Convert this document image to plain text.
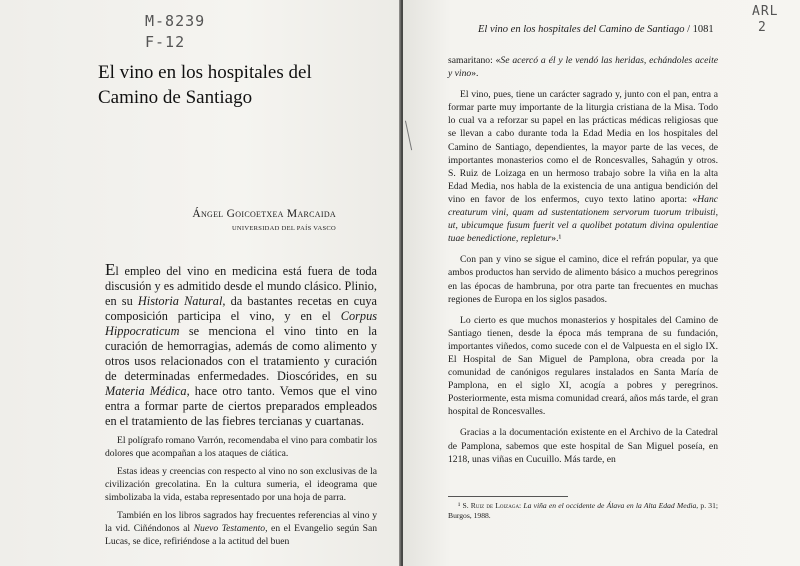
M-8239
F-12
El vino en los hospitales del Camino de Santiago
Ángel Goicoetxea Marcaida
UNIVERSIDAD DEL PAÍS VASCO

El empleo del vino en medicina está fuera de toda discusión y es admitido desde el mundo clásico. Plinio, en su Historia Natural, da bastantes recetas en cuya composición participa el vino, y en el Corpus Hippocraticum se menciona el vino tinto en la curación de hemorragias, además de como alimento y otros usos relacionados con el tratamiento y curación de determinadas enfermedades. Dioscórides, en su Materia Médica, hace otro tanto. Vemos que el vino entra a formar parte de ciertos preparados empleados en el tratamiento de las fiebres tercianas y cuartanas.

El polígrafo romano Varrón, recomendaba el vino para combatir los dolores que acompañan a los ataques de ciática.

Estas ideas y creencias con respecto al vino no son exclusivas de la civilización grecolatina. En la cultura sumeria, el ideograma que simbolizaba la vida, estaba representado por una hoja de parra.

También en los libros sagrados hay frecuentes referencias al vino y la vid. Ciñéndonos al Nuevo Testamento, en el Evangelio según San Lucas, se dice, refiriéndose a la actitud del buen

ARL
2
El vino en los hospitales del Camino de Santiago / 1081

samaritano: «Se acercó a él y le vendó las heridas, echándoles aceite y vino».

El vino, pues, tiene un carácter sagrado y, junto con el pan, entra a formar parte muy importante de la liturgia cristiana de la Misa. Todo lo cual va a reforzar su papel en las prácticas médicas religiosas que se llevan a cabo durante toda la Edad Media en los hospitales del Camino de Santiago, dependientes, la mayor parte de las veces, de importantes monasterios como el de Roncesvalles, Sahagún y otros. S. Ruiz de Loizaga en un hermoso trabajo sobre la viña en la alta Edad Media, nos habla de la existencia de una antigua bendición del vino en favor de los enfermos, cuyo texto latino aporta: «Hanc creaturum vini, quam ad sustentationem servorum tuorum tribuisti, ut, ubicumque fusum fuerit vel a quolibet potatum divina opulentiae tuae benedictione, repletur».¹

Con pan y vino se sigue el camino, dice el refrán popular, ya que ambos productos han servido de alimento básico a muchos peregrinos en las épocas de hambruna, por otra parte tan frecuentes en muchas regiones de Europa en los siglos pasados.

Lo cierto es que muchos monasterios y hospitales del Camino de Santiago tienen, desde la época más temprana de su fundación, importantes viñedos, como sucede con el de Valpuesta en el siglo IX. El Hospital de San Miguel de Pamplona, obra creada por la comunidad de canónigos regulares instalados en Santa María de Pamplona, en el siglo XI, acogía a pobres y peregrinos. Posteriormente, esta misma comunidad creará, años más tarde, el gran hospital de Roncesvalles.

Gracias a la documentación existente en el Archivo de la Catedral de Pamplona, sabemos que este hospital de San Miguel poseía, en 1218, unas viñas en Cucuillo. Más tarde, en

¹ S. Ruiz de Loizaga: La viña en el occidente de Álava en la Alta Edad Media, p. 31; Burgos, 1988.
